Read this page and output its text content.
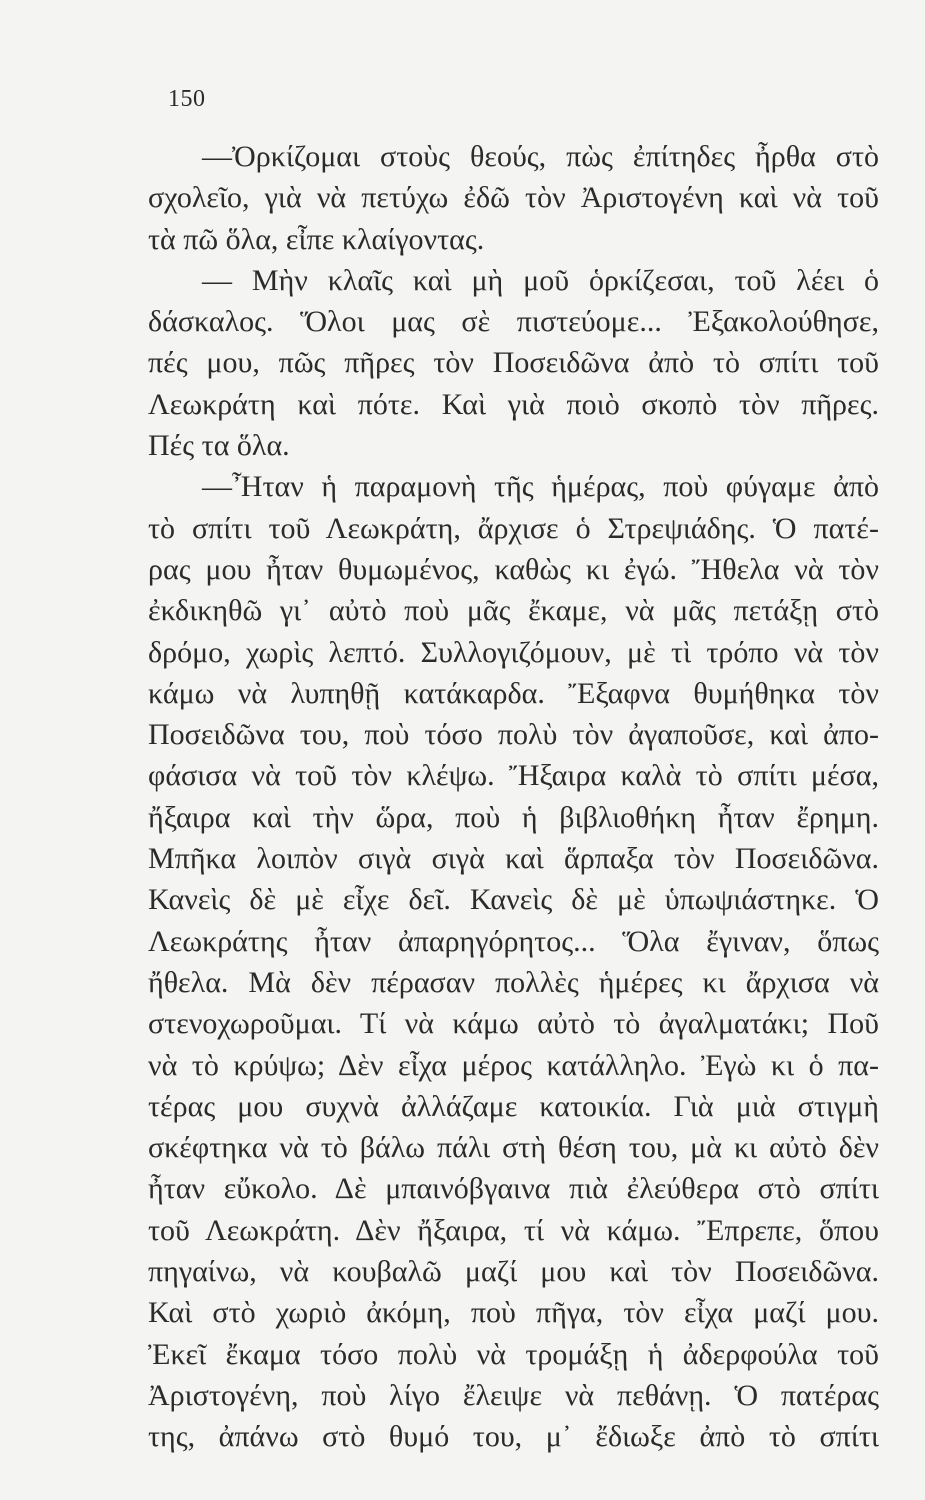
150
—Ὀρκίζομαι στοὺς θεούς, πὼς ἐπίτηδες ἦρθα στὸ
σχολεῖο, γιὰ νὰ πετύχω ἐδῶ τὸν Ἀριστογένη καὶ νὰ τοῦ
τὰ πῶ ὅλα, εἶπε κλαίγοντας.
— Μὴν κλαῖς καὶ μὴ μοῦ ὁρκίζεσαι, τοῦ λέει ὁ
δάσκαλος. Ὅλοι μας σὲ πιστεύομε... Ἐξακολούθησε,
πές μου, πῶς πῆρες τὸν Ποσειδῶνα ἀπὸ τὸ σπίτι τοῦ
Λεωκράτη καὶ πότε. Καὶ γιὰ ποιὸ σκοπὸ τὸν πῆρες.
Πές τα ὅλα.
—Ἦταν ἡ παραμονὴ τῆς ἡμέρας, ποὺ φύγαμε ἀπὸ
τὸ σπίτι τοῦ Λεωκράτη, ἄρχισε ὁ Στρεψιάδης. Ὁ πατέ-
ρας μου ἦταν θυμωμένος, καθὼς κι ἐγώ. Ἤθελα νὰ τὸν
ἐκδικηθῶ γι᾿ αὐτὸ ποὺ μᾶς ἔκαμε, νὰ μᾶς πετάξῃ στὸ
δρόμο, χωρὶς λεπτό. Συλλογιζόμουν, μὲ τὶ τρόπο νὰ τὸν
κάμω νὰ λυπηθῇ κατάκαρδα. Ἔξαφνα θυμήθηκα τὸν
Ποσειδῶνα του, ποὺ τόσο πολὺ τὸν ἀγαποῦσε, καὶ ἀπο-
φάσισα νὰ τοῦ τὸν κλέψω. Ἤξαιρα καλὰ τὸ σπίτι μέσα,
ἤξαιρα καὶ τὴν ὥρα, ποὺ ἡ βιβλιοθήκη ἦταν ἔρημη.
Μπῆκα λοιπὸν σιγὰ σιγὰ καὶ ἅρπαξα τὸν Ποσειδῶνα.
Κανεὶς δὲ μὲ εἶχε δεῖ. Κανεὶς δὲ μὲ ὑπωψιάστηκε. Ὁ
Λεωκράτης ἦταν ἀπαρηγόρητος... Ὅλα ἔγιναν, ὅπως
ἤθελα. Μὰ δὲν πέρασαν πολλὲς ἡμέρες κι ἄρχισα νὰ
στενοχωροῦμαι. Τί νὰ κάμω αὐτὸ τὸ ἀγαλματάκι; Ποῦ
νὰ τὸ κρύψω; Δὲν εἶχα μέρος κατάλληλο. Ἐγὼ κι ὁ πα-
τέρας μου συχνὰ ἀλλάζαμε κατοικία. Γιὰ μιὰ στιγμὴ
σκέφτηκα νὰ τὸ βάλω πάλι στὴ θέση του, μὰ κι αὐτὸ δὲν
ἦταν εὔκολο. Δὲ μπαινόβγαινα πιὰ ἐλεύθερα στὸ σπίτι
τοῦ Λεωκράτη. Δὲν ἤξαιρα, τί νὰ κάμω. Ἔπρεπε, ὅπου
πηγαίνω, νὰ κουβαλῶ μαζί μου καὶ τὸν Ποσειδῶνα.
Καὶ στὸ χωριὸ ἀκόμη, ποὺ πῆγα, τὸν εἶχα μαζί μου.
Ἐκεῖ ἔκαμα τόσο πολὺ νὰ τρομάξῃ ἡ ἀδερφούλα τοῦ
Ἀριστογένη, ποὺ λίγο ἔλειψε νὰ πεθάνῃ. Ὁ πατέρας
της, ἀπάνω στὸ θυμό του, μ᾿ ἔδιωξε ἀπὸ τὸ σπίτι
